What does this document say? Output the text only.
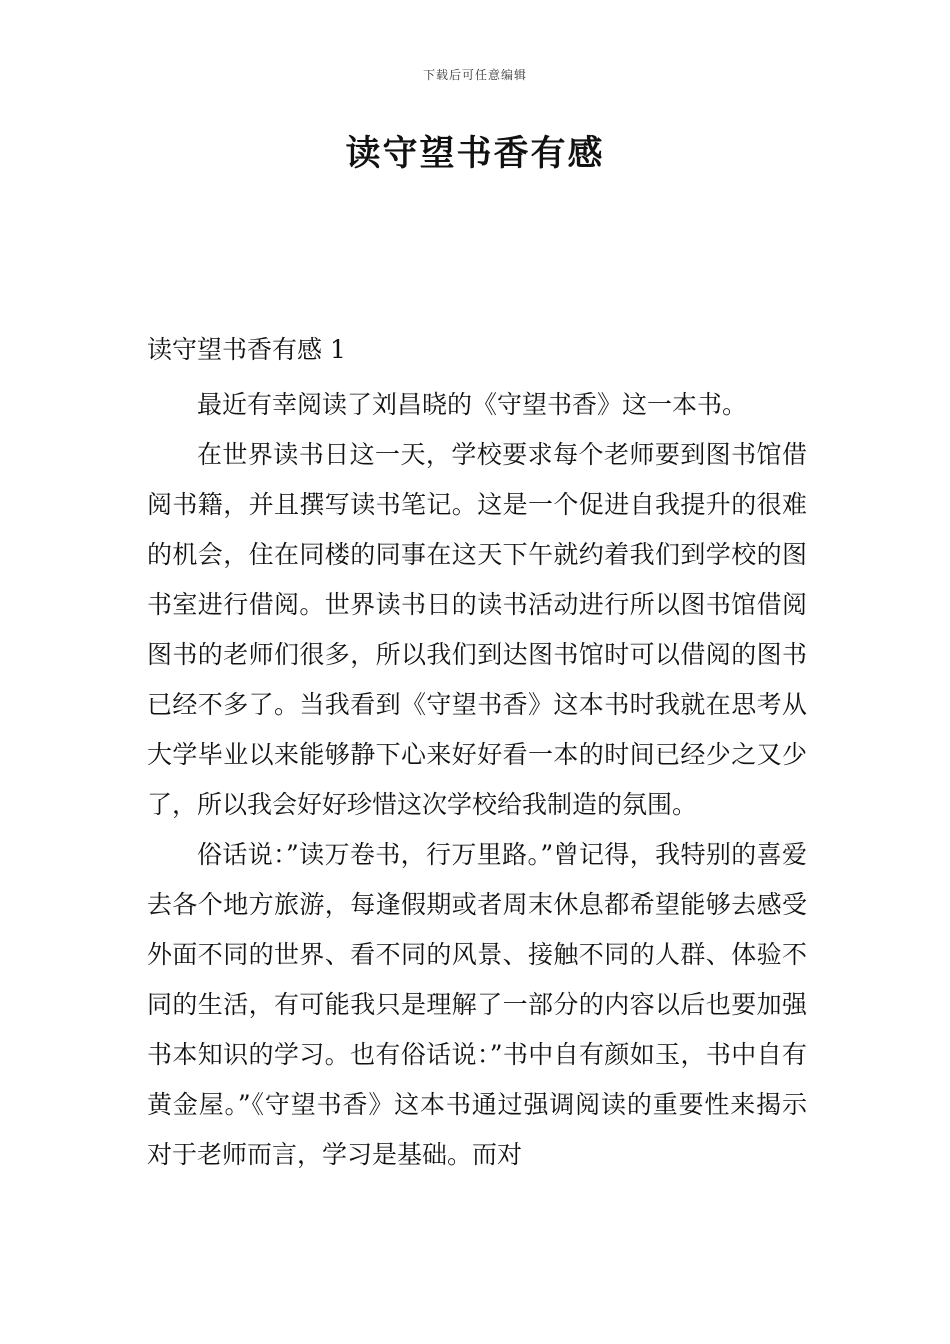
下载后可任意编辑
读守望书香有感
读守望书香有感 1

最近有幸阅读了刘昌晓的《守望书香》这一本书。

在世界读书日这一天，学校要求每个老师要到图书馆借阅书籍，并且撰写读书笔记。这是一个促进自我提升的很难的机会，住在同楼的同事在这天下午就约着我们到学校的图书室进行借阅。世界读书日的读书活动进行所以图书馆借阅图书的老师们很多，所以我们到达图书馆时可以借阅的图书已经不多了。当我看到《守望书香》这本书时我就在思考从大学毕业以来能够静下心来好好看一本的时间已经少之又少了，所以我会好好珍惜这次学校给我制造的氛围。

俗话说：”读万卷书，行万里路。”曾记得，我特别的喜爱去各个地方旅游，每逢假期或者周末休息都希望能够去感受外面不同的世界、看不同的风景、接触不同的人群、体验不同的生活，有可能我只是理解了一部分的内容以后也要加强书本知识的学习。也有俗话说：”书中自有颜如玉，书中自有黄金屋。”《守望书香》这本书通过强调阅读的重要性来揭示对于老师而言，学习是基础。而对
